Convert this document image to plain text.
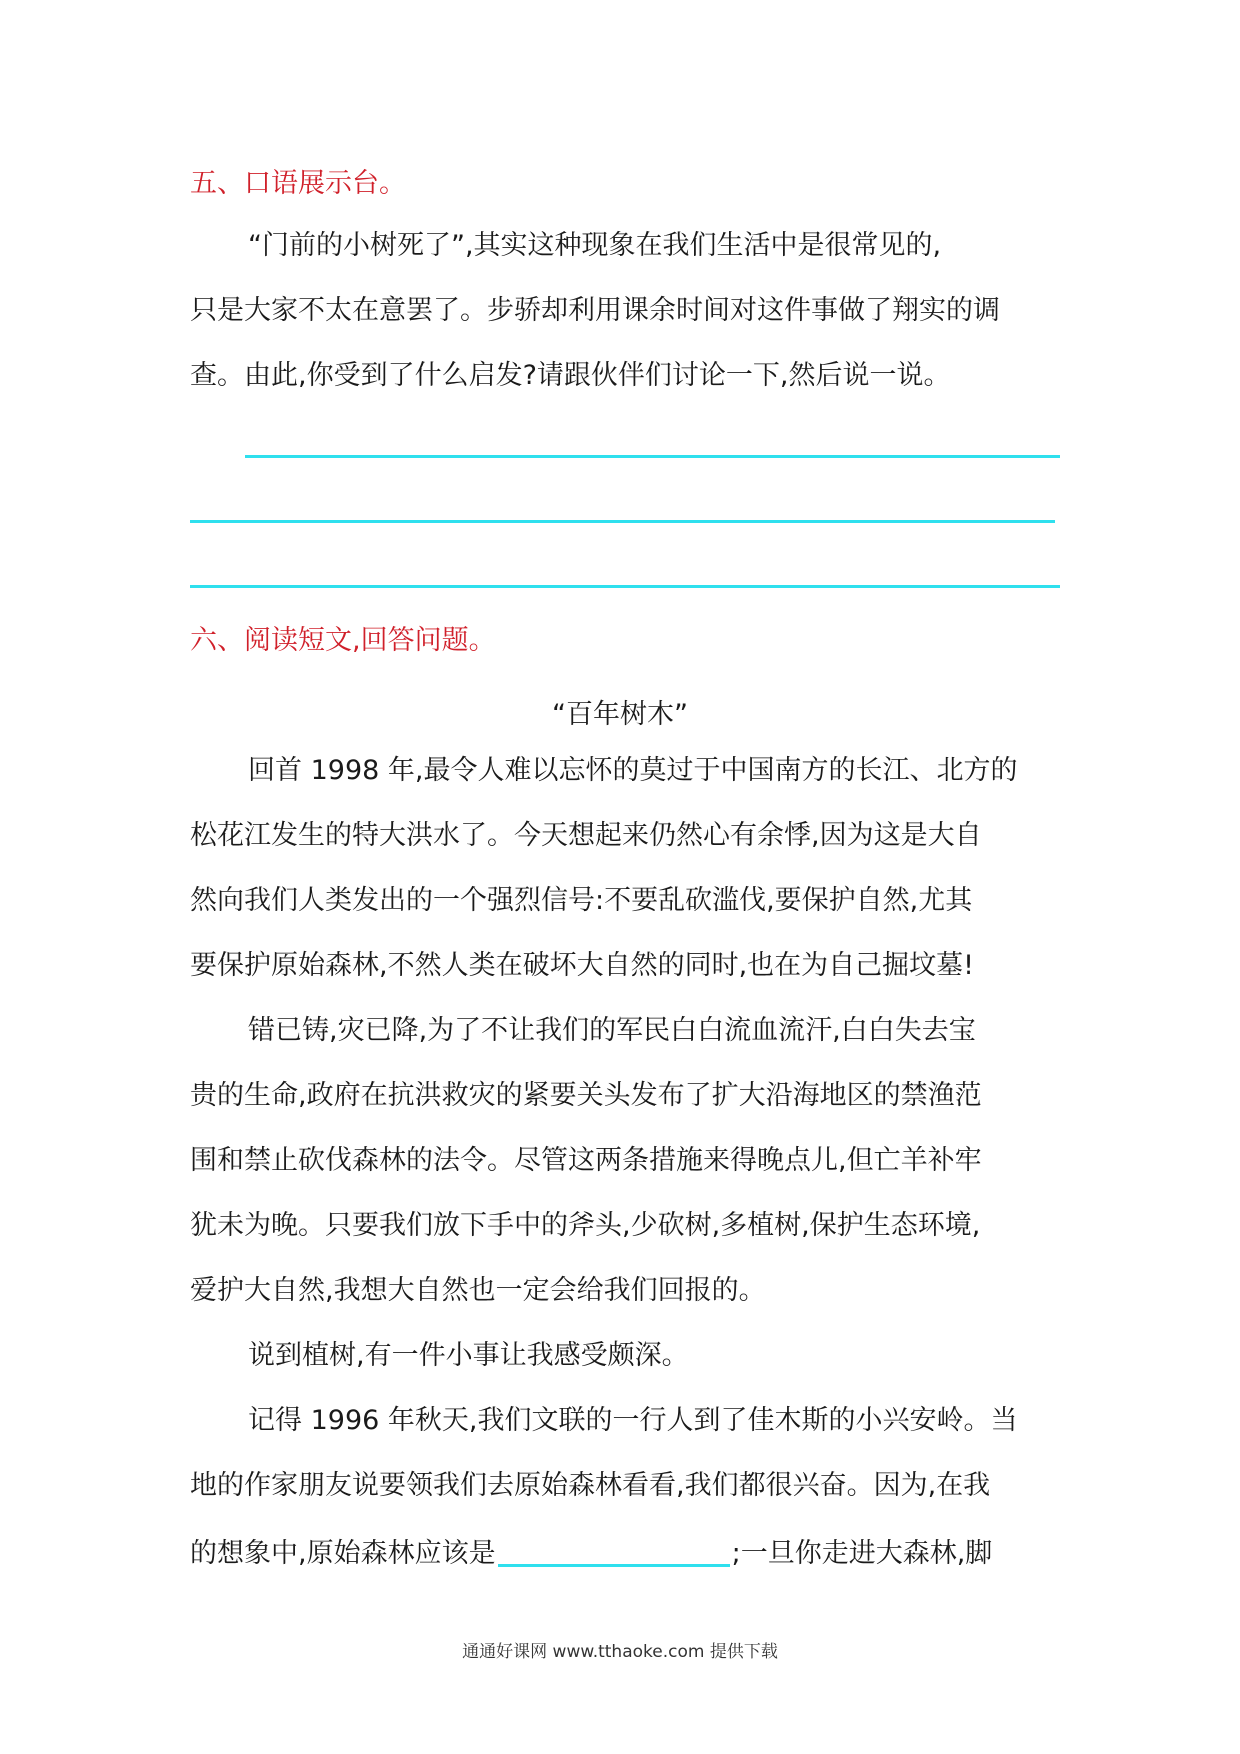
五、口语展示台。
“门前的小树死了”,其实这种现象在我们生活中是很常见的,
只是大家不太在意罢了。步骄却利用课余时间对这件事做了翔实的调
查。由此,你受到了什么启发?请跟伙伴们讨论一下,然后说一说。
六、阅读短文,回答问题。
“百年树木”
回首 1998 年,最令人难以忘怀的莫过于中国南方的长江、北方的
松花江发生的特大洪水了。今天想起来仍然心有余悸,因为这是大自
然向我们人类发出的一个强烈信号:不要乱砍滥伐,要保护自然,尤其
要保护原始森林,不然人类在破坏大自然的同时,也在为自己掘坟墓!
错已铸,灾已降,为了不让我们的军民白白流血流汗,白白失去宝
贵的生命,政府在抗洪救灾的紧要关头发布了扩大沿海地区的禁渔范
围和禁止砍伐森林的法令。尽管这两条措施来得晚点儿,但亡羊补牢
犹未为晚。只要我们放下手中的斧头,少砍树,多植树,保护生态环境,
爱护大自然,我想大自然也一定会给我们回报的。
说到植树,有一件小事让我感受颇深。
记得 1996 年秋天,我们文联的一行人到了佳木斯的小兴安岭。当
地的作家朋友说要领我们去原始森林看看,我们都很兴奋。因为,在我
的想象中,原始森林应该是	;一旦你走进大森林,脚
通通好课网 www.tthaoke.com 提供下载
